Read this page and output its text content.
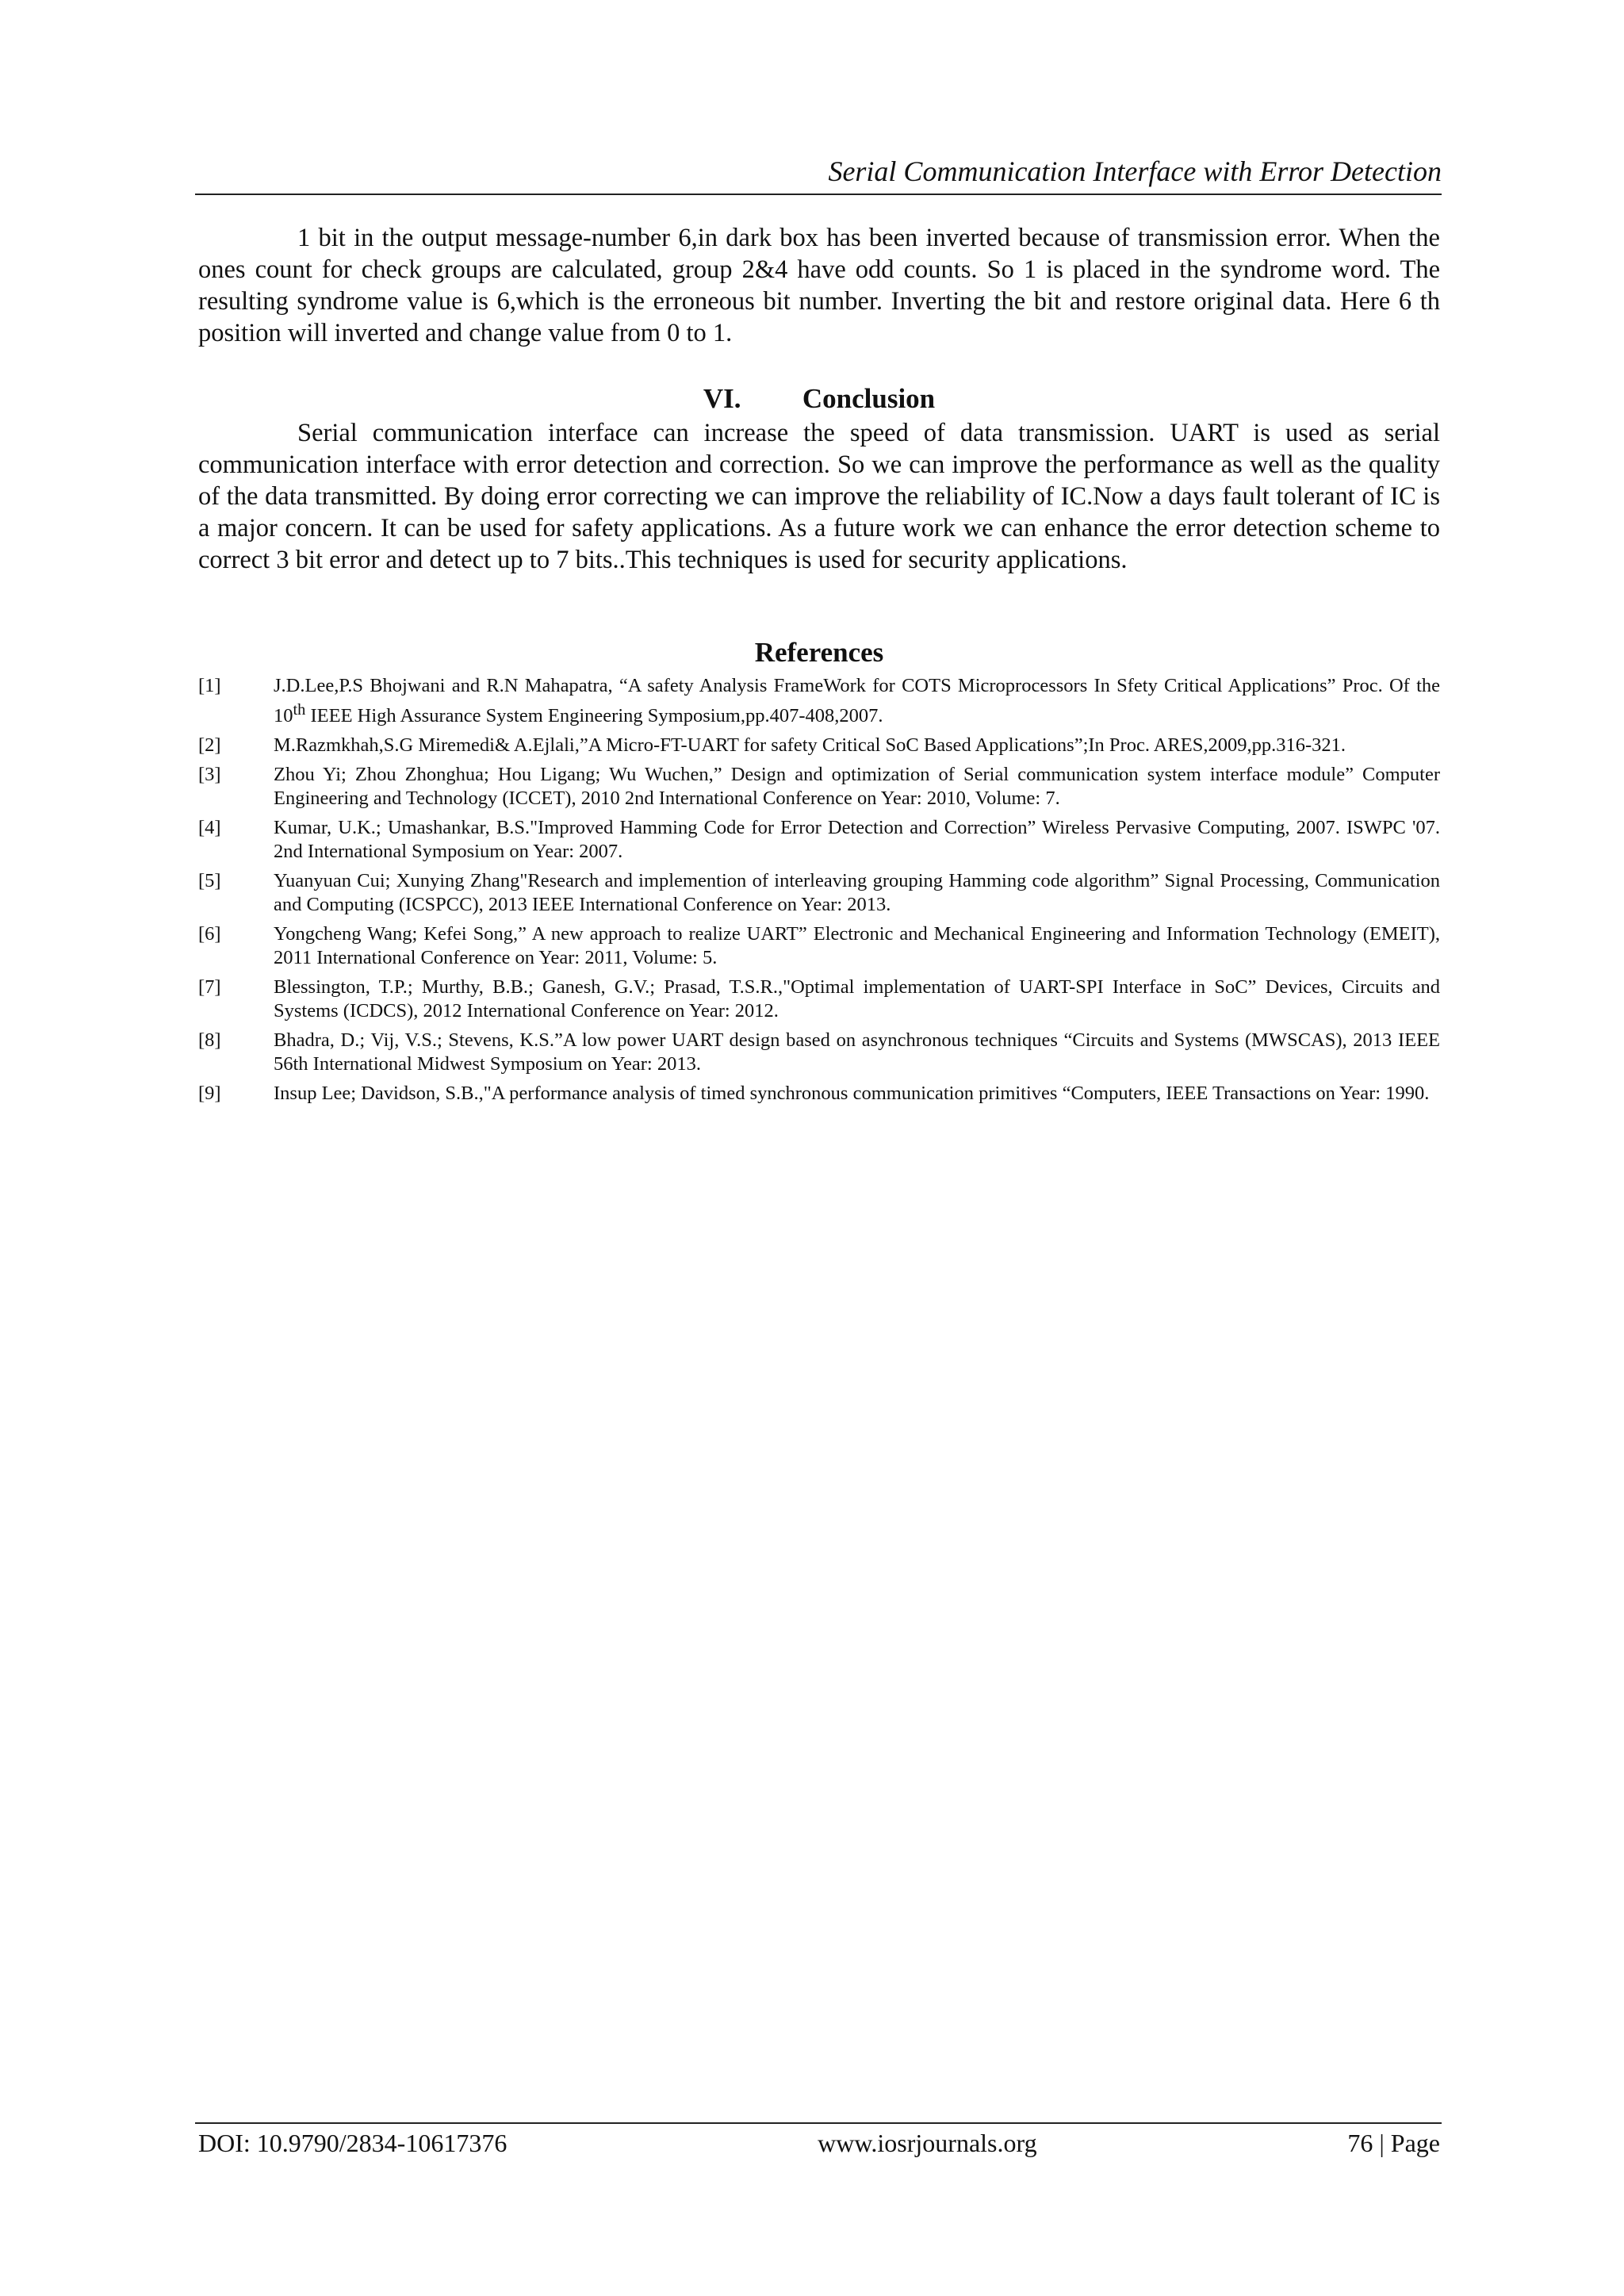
Serial Communication Interface with Error Detection

1 bit in the output message-number 6,in dark box has been inverted because of transmission error. When the ones count for check groups are calculated, group 2&4 have odd counts. So 1 is placed in the syndrome word. The resulting syndrome value is 6,which is the erroneous bit number. Inverting the bit and restore original data. Here 6 th position will inverted and change value from 0 to 1.

VI. Conclusion

Serial communication interface can increase the speed of data transmission. UART is used as serial communication interface with error detection and correction. So we can improve the performance as well as the quality of the data transmitted. By doing error correcting we can improve the reliability of IC.Now a days fault tolerant of IC is a major concern. It can be used for safety applications. As a future work we can enhance the error detection scheme to correct 3 bit error and detect up to 7 bits..This techniques is used for security applications.

References
[1]	J.D.Lee,P.S Bhojwani and R.N Mahapatra, “A safety Analysis FrameWork for COTS Microprocessors In Sfety Critical Applications” Proc. Of the 10th IEEE High Assurance System Engineering Symposium,pp.407-408,2007.
[2]	M.Razmkhah,S.G Miremedi& A.Ejlali,”A Micro-FT-UART for safety Critical SoC Based Applications”;In Proc. ARES,2009,pp.316-321.
[3]	Zhou Yi; Zhou Zhonghua; Hou Ligang; Wu Wuchen,” Design and optimization of Serial communication system interface module” Computer Engineering and Technology (ICCET), 2010 2nd International Conference on Year: 2010, Volume: 7.
[4]	Kumar, U.K.; Umashankar, B.S."Improved Hamming Code for Error Detection and Correction” Wireless Pervasive Computing, 2007. ISWPC '07. 2nd International Symposium on Year: 2007.
[5]	Yuanyuan Cui; Xunying Zhang"Research and implemention of interleaving grouping Hamming code algorithm” Signal Processing, Communication and Computing (ICSPCC), 2013 IEEE International Conference on Year: 2013.
[6]	Yongcheng Wang; Kefei Song,” A new approach to realize UART” Electronic and Mechanical Engineering and Information Technology (EMEIT), 2011 International Conference on Year: 2011, Volume: 5.
[7]	Blessington, T.P.; Murthy, B.B.; Ganesh, G.V.; Prasad, T.S.R.,"Optimal implementation of UART-SPI Interface in SoC” Devices, Circuits and Systems (ICDCS), 2012 International Conference on Year: 2012.
[8]	Bhadra, D.; Vij, V.S.; Stevens, K.S.”A low power UART design based on asynchronous techniques “Circuits and Systems (MWSCAS), 2013 IEEE 56th International Midwest Symposium on Year: 2013.
[9]	Insup Lee; Davidson, S.B.,"A performance analysis of timed synchronous communication primitives “Computers, IEEE Transactions on Year: 1990.
DOI: 10.9790/2834-10617376	www.iosrjournals.org	76 | Page
